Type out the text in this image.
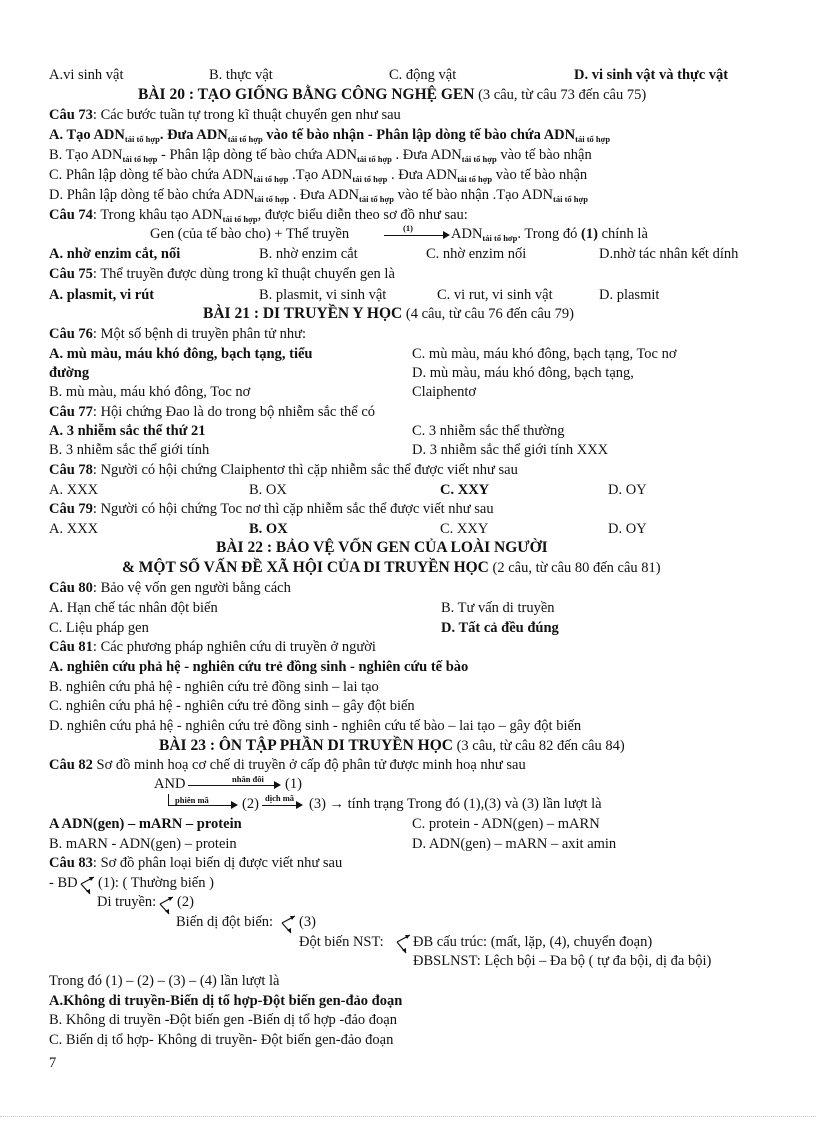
A.vi sinh vật	B. thực vật	C. động vật	D. vi sinh vật và thực vật
BÀI 20 : TẠO GIỐNG BẰNG CÔNG NGHỆ GEN (3 câu, từ câu 73 đến câu 75)
Câu 73: Các bước tuần tự trong kĩ thuật chuyển gen như sau
A. Tạo $ADN_{tái tổ hợp}$. Đưa $ADN_{tái tổ hợp}$ vào tế bào nhận - Phân lập dòng tế bào chứa $ADN_{tái tổ hợp}$
B. Tạo $ADN_{tái tổ hợp}$ - Phân lập dòng tế bào chứa $ADN_{tái tổ hợp}$ . Đưa $ADN_{tái tổ hợp}$ vào tế bào nhận
C. Phân lập dòng tế bào chứa $ADN_{tái tổ hợp}$ .Tạo $ADN_{tái tổ hợp}$ . Đưa $ADN_{tái tổ hợp}$ vào tế bào nhận
D. Phân lập dòng tế bào chứa $ADN_{tái tổ hợp}$ . Đưa $ADN_{tái tổ hợp}$ vào tế bào nhận .Tạo $ADN_{tái tổ hợp}$
Câu 74: Trong khâu tạo $ADN_{tái tổ hợp}$, được biểu diễn theo sơ đồ như sau:
Gen (của tế bào cho) + Thể truyền	(1)	$ADN_{tái tổ hơp}$. Trong đó (1) chính là
A. nhờ enzim cắt, nối	B. nhờ enzim cắt	C. nhờ enzim nối	D.nhờ tác nhân kết dính
Câu 75: Thể truyền được dùng trong kĩ thuật chuyển gen là
A. plasmit, vi rút	B. plasmit, vi sinh vật	C. vi rut, vi sinh vật	D. plasmit
BÀI 21 : DI TRUYỀN Y HỌC (4 câu, từ câu 76 đến câu 79)
Câu 76: Một số bệnh di truyền phân tử như:
A. mù màu, máu khó đông, bạch tạng, tiểu	C. mù màu, máu khó đông, bạch tạng, Toc nơ
đường	D. mù màu, máu khó đông, bạch tạng,
B. mù màu, máu khó đông, Toc nơ	Claiphentơ
Câu 77: Hội chứng Đao là do trong bộ nhiễm sắc thể có
A. 3 nhiễm sắc thể thứ 21	C. 3 nhiễm sắc thể thường
B. 3 nhiễm sắc thể giới tính	D. 3 nhiễm sắc thể giới tính XXX
Câu 78: Người có hội chứng Claiphentơ thì cặp nhiễm sắc thể được viết như sau
A. XXX	B. OX	C. XXY	D. OY
Câu 79: Người có hội chứng Toc nơ thì cặp nhiễm sắc thể được viết như sau
A. XXX	B. OX	C. XXY	D. OY
BÀI 22 : BẢO VỆ VỐN GEN CỦA LOÀI NGƯỜI
& MỘT SỐ VẤN ĐỀ XÃ HỘI CỦA DI TRUYỀN HỌC (2 câu, từ câu 80 đến câu 81)
Câu 80: Bảo vệ vốn gen người bằng cách
A. Hạn chế tác nhân đột biến	B. Tư vấn di truyền
C. Liệu pháp gen	D. Tất cả đều đúng
Câu 81: Các phương pháp nghiên cứu di truyền ở người
A. nghiên cứu phả hệ - nghiên cứu trẻ đồng sinh - nghiên cứu tế bào
B. nghiên cứu phả hệ - nghiên cứu trẻ đồng sinh – lai tạo
C. nghiên cứu phả hệ - nghiên cứu trẻ đồng sinh – gây đột biến
D. nghiên cứu phả hệ - nghiên cứu trẻ đồng sinh - nghiên cứu tế bào – lai tạo – gây đột biến
BÀI 23 : ÔN TẬP PHẦN DI TRUYỀN HỌC (3 câu, từ câu 82 đến câu 84)
Câu 82 Sơ đồ minh hoạ cơ chế di truyền ở cấp độ phân tử được minh hoạ như sau
AND	nhân đôi (1)
phiên mã (2) dịch mã (3) → tính trạng Trong đó (1),(3) và (3) lần lượt là
A ADN(gen) – mARN – protein	C. protein - ADN(gen) – mARN
B. mARN - ADN(gen) – protein	D. ADN(gen) – mARN – axit amin
Câu 83: Sơ đồ phân loại biến dị được viết như sau
- BD (1): ( Thường biến )
Di truyền: (2)
Biến dị đột biến: (3)
Đột biến NST: ĐB cấu trúc: (mất, lặp, (4), chuyển đoạn)
ĐBSLNST: Lệch bội – Đa bộ ( tự đa bội, dị đa bội)
Trong đó (1) – (2) – (3) – (4) lần lượt là
A.Không di truyền-Biến dị tổ hợp-Đột biến gen-đảo đoạn
B. Không di truyền -Đột biến gen -Biến dị tổ hợp -đảo đoạn
C. Biến dị tổ hợp- Không di truyền- Đột biến gen-đảo đoạn
7
